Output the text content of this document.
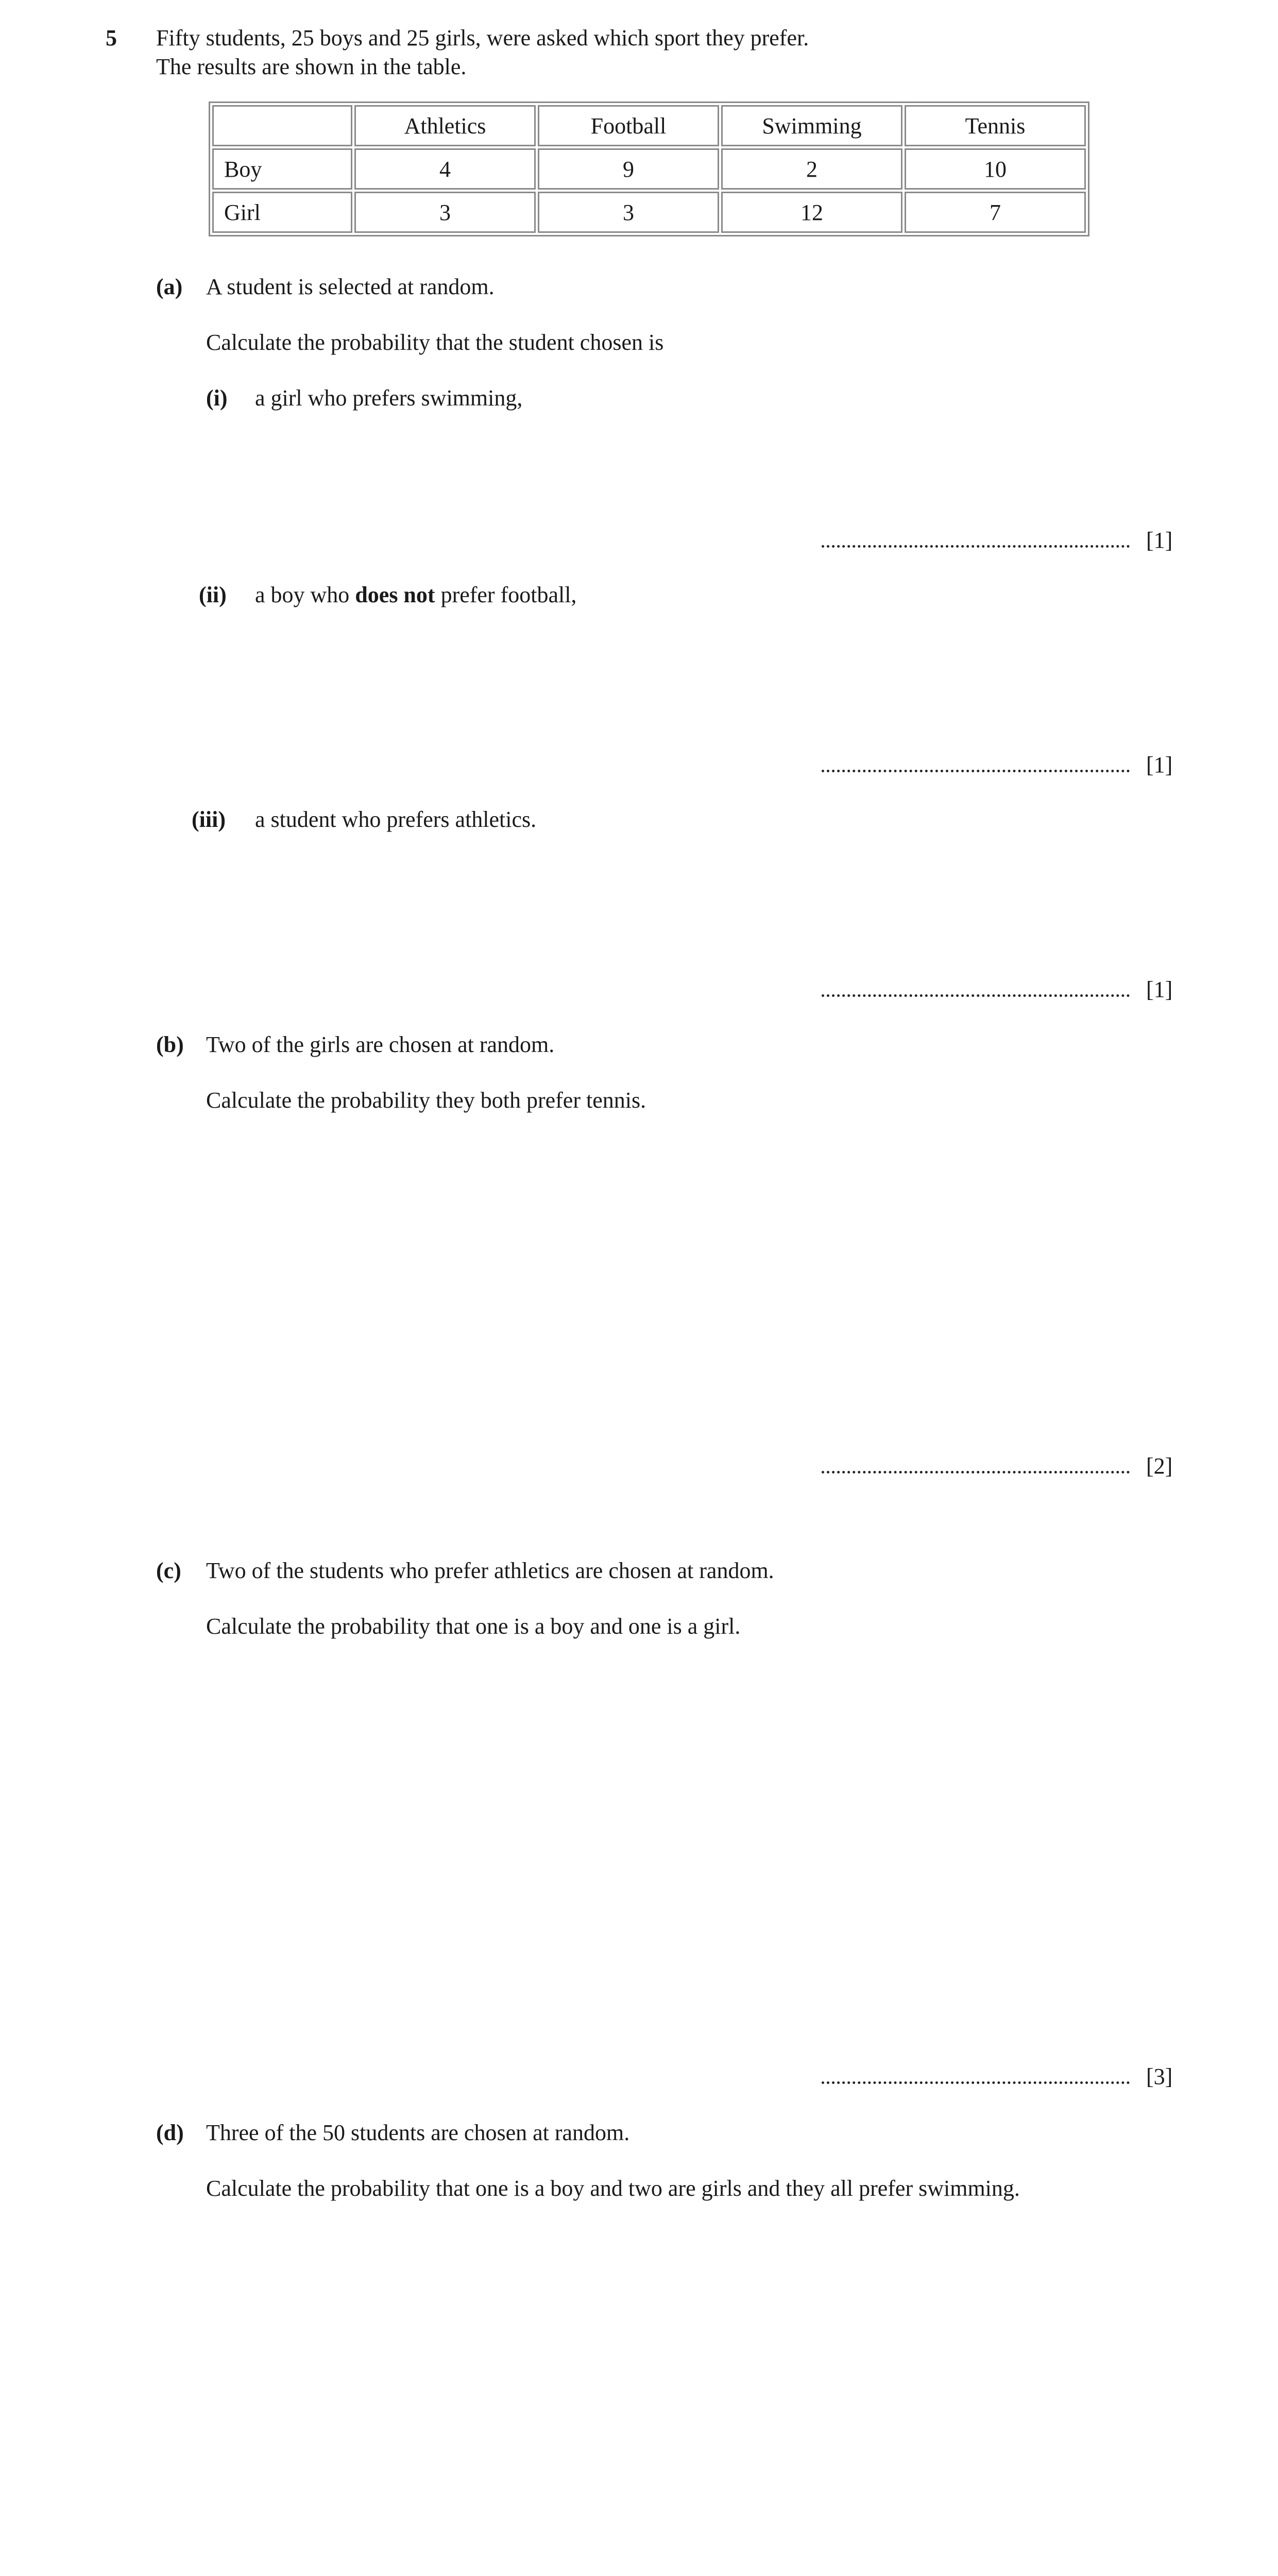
5 Fifty students, 25 boys and 25 girls, were asked which sport they prefer.
The results are shown in the table.
	Athletics	Football	Swimming	Tennis
Boy	4	9	2	10
Girl	3	3	12	7
(a) A student is selected at random.
Calculate the probability that the student chosen is
(i) a girl who prefers swimming,
[1]
(ii) a boy who does not prefer football,
[1]
(iii) a student who prefers athletics.
[1]
(b) Two of the girls are chosen at random.
Calculate the probability they both prefer tennis.
[2]
(c) Two of the students who prefer athletics are chosen at random.
Calculate the probability that one is a boy and one is a girl.
[3]
(d) Three of the 50 students are chosen at random.
Calculate the probability that one is a boy and two are girls and they all prefer swimming.
